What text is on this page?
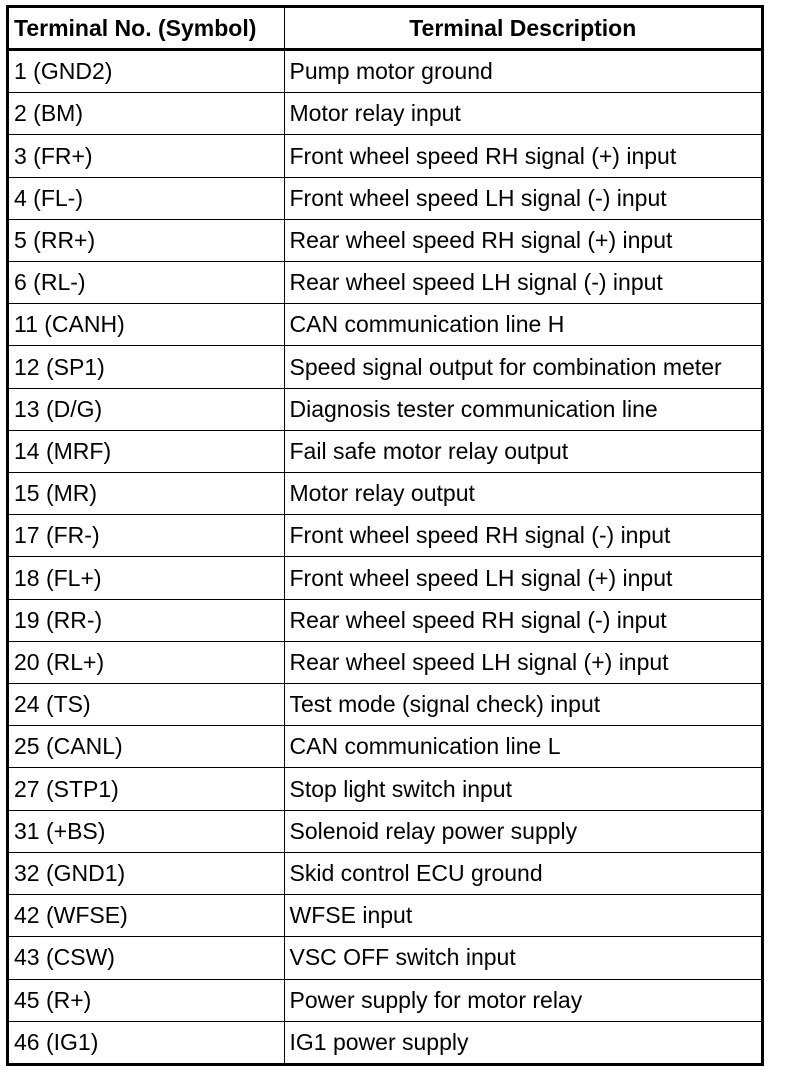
Terminal No. (Symbol)	Terminal Description
1 (GND2)	Pump motor ground
2 (BM)	Motor relay input
3 (FR+)	Front wheel speed RH signal (+) input
4 (FL-)	Front wheel speed LH signal (-) input
5 (RR+)	Rear wheel speed RH signal (+) input
6 (RL-)	Rear wheel speed LH signal (-) input
11 (CANH)	CAN communication line H
12 (SP1)	Speed signal output for combination meter
13 (D/G)	Diagnosis tester communication line
14 (MRF)	Fail safe motor relay output
15 (MR)	Motor relay output
17 (FR-)	Front wheel speed RH signal (-) input
18 (FL+)	Front wheel speed LH signal (+) input
19 (RR-)	Rear wheel speed RH signal (-) input
20 (RL+)	Rear wheel speed LH signal (+) input
24 (TS)	Test mode (signal check) input
25 (CANL)	CAN communication line L
27 (STP1)	Stop light switch input
31 (+BS)	Solenoid relay power supply
32 (GND1)	Skid control ECU ground
42 (WFSE)	WFSE input
43 (CSW)	VSC OFF switch input
45 (R+)	Power supply for motor relay
46 (IG1)	IG1 power supply
